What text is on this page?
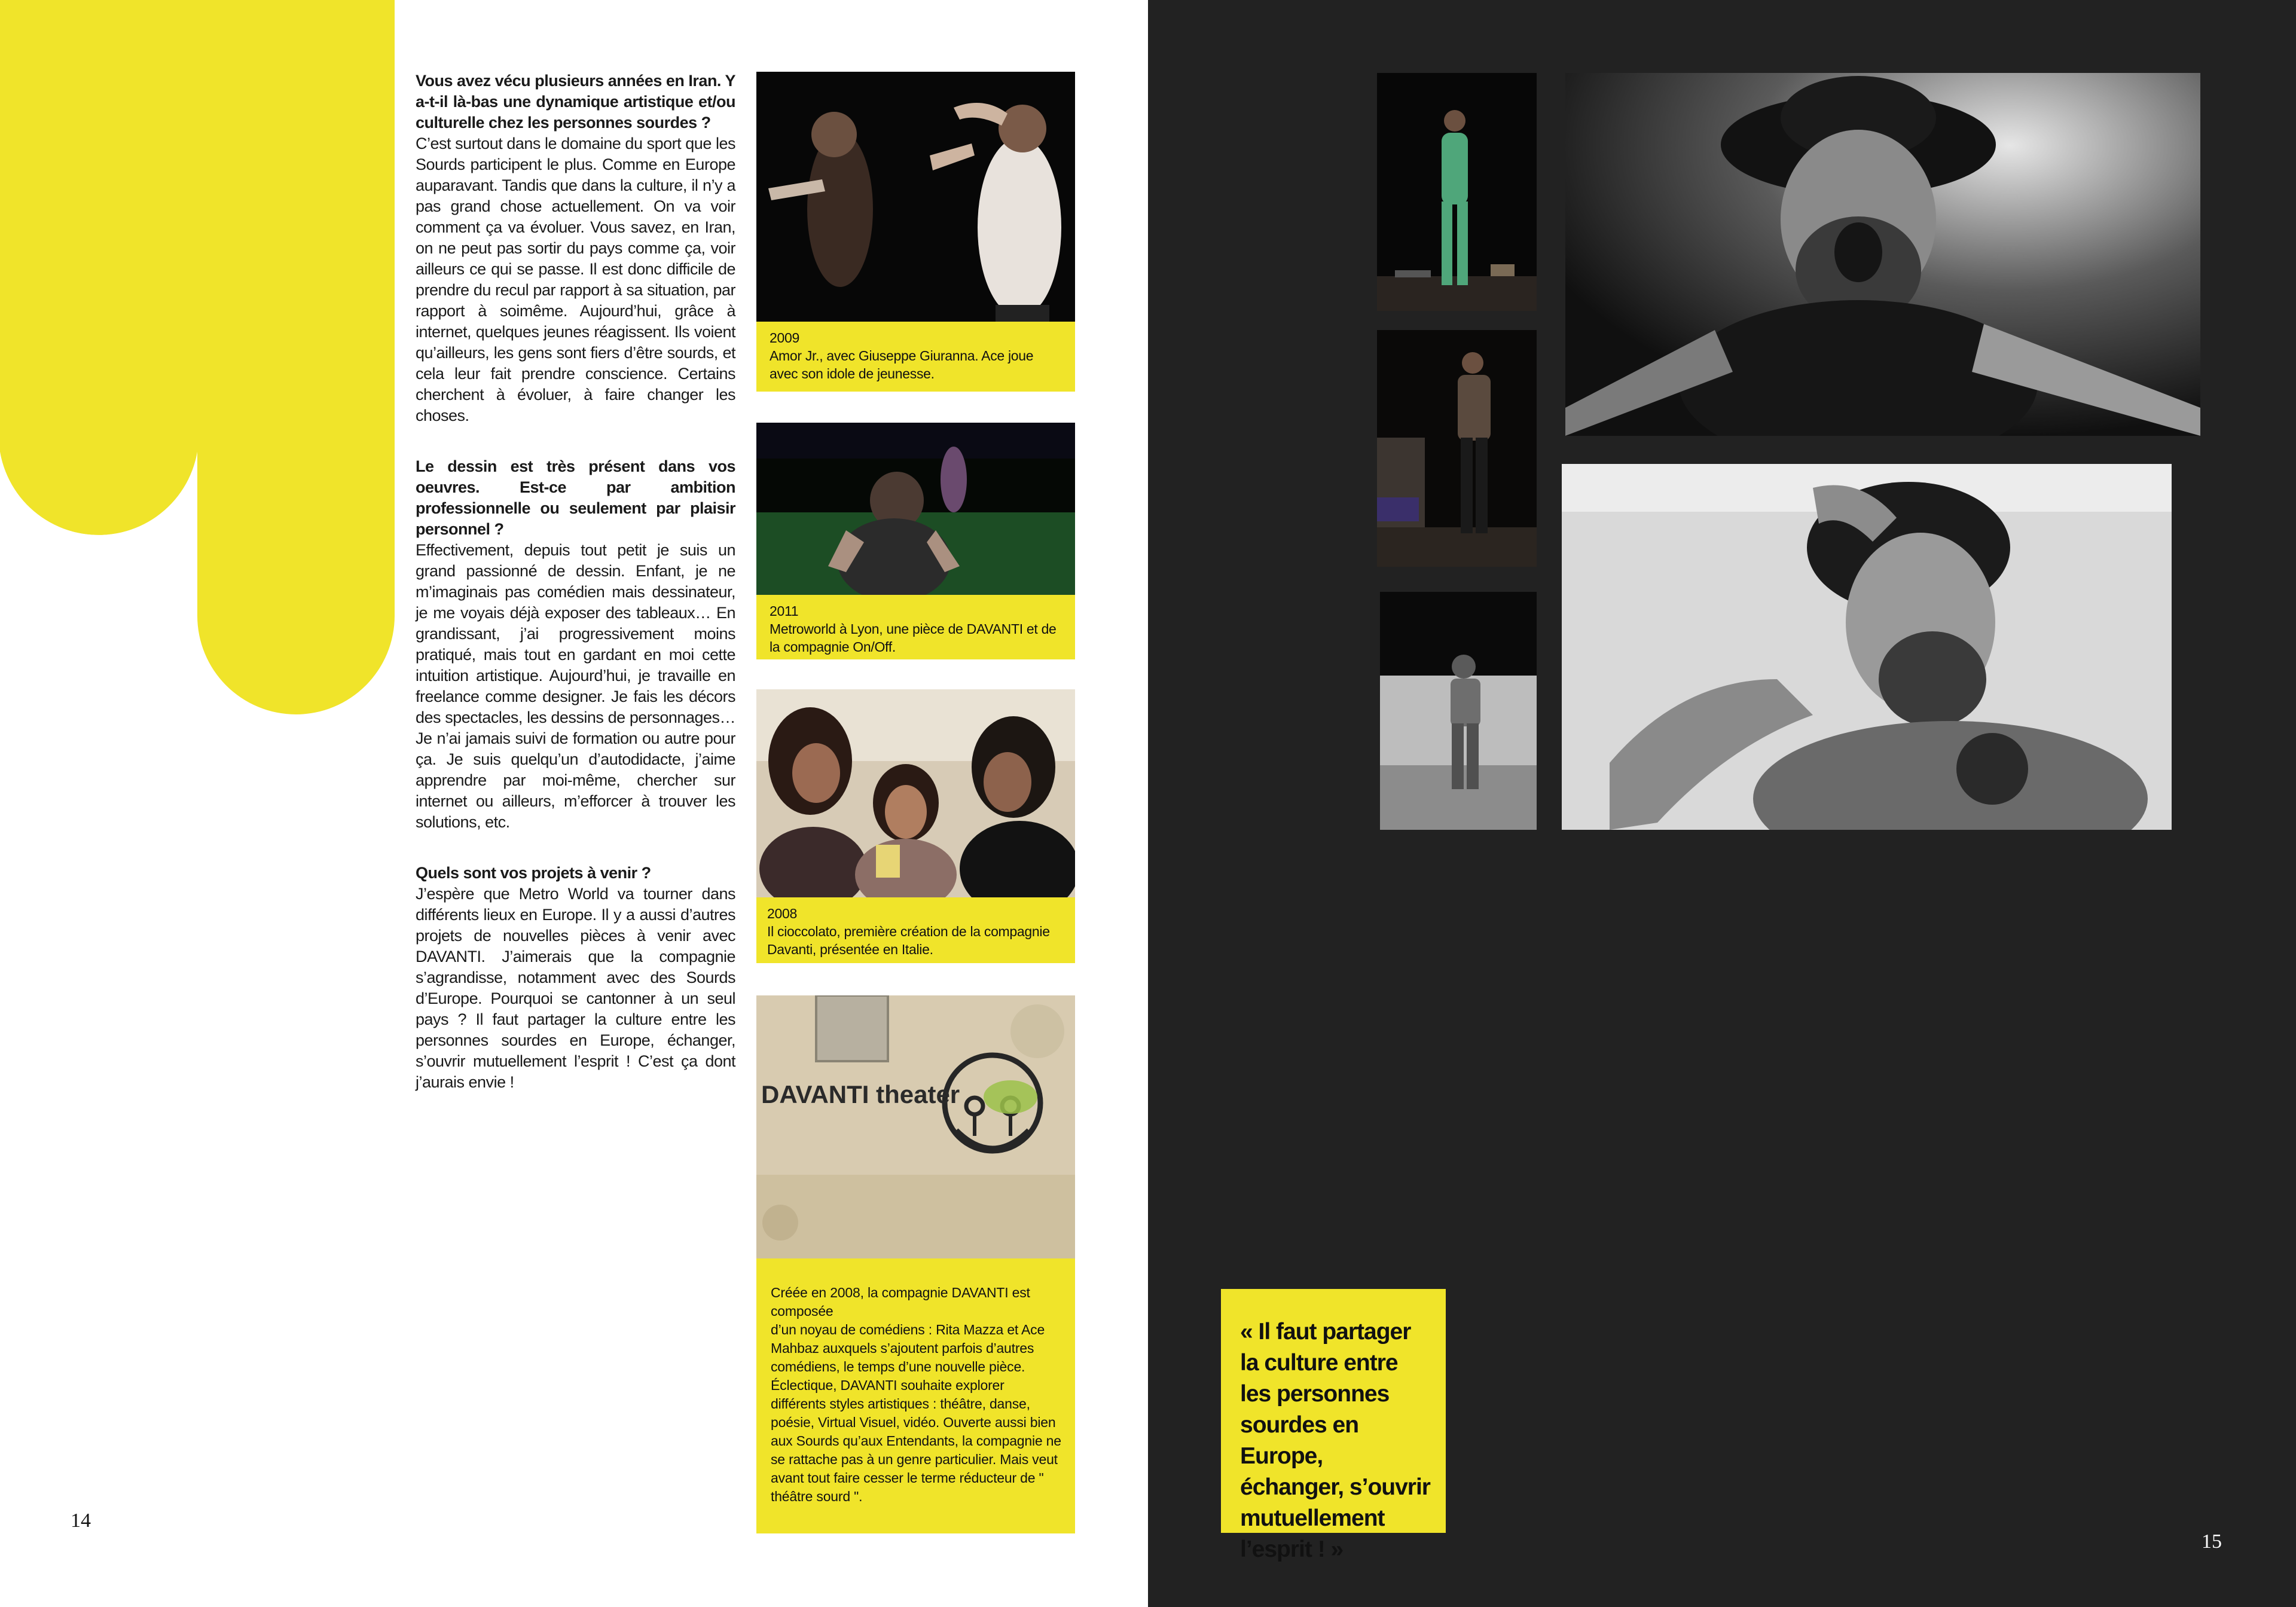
Vous avez vécu plusieurs années en Iran. Y a-t-il là-bas une dynamique artistique et/ou culturelle chez les personnes sourdes ?

C’est surtout dans le domaine du sport que les Sourds participent le plus. Comme en Europe auparavant. Tandis que dans la culture, il n’y a pas grand chose actuellement. On va voir comment ça va évoluer. Vous savez, en Iran, on ne peut pas sortir du pays comme ça, voir ailleurs ce qui se passe. Il est donc difficile de prendre du recul par rapport à sa situation, par rapport à soimême. Aujourd’hui, grâce à internet, quelques jeunes réagissent. Ils voient qu’ailleurs, les gens sont fiers d’être sourds, et cela leur fait prendre conscience. Certains cherchent à évoluer, à faire changer les choses.

Le dessin est très présent dans vos oeuvres. Est-ce par ambition professionnelle ou seulement par plaisir personnel ?

Effectivement, depuis tout petit je suis un grand passionné de dessin. Enfant, je ne m’imaginais pas comédien mais dessinateur, je me voyais déjà exposer des tableaux… En grandissant, j’ai progressivement moins pratiqué, mais tout en gardant en moi cette intuition artistique. Aujourd’hui, je travaille en freelance comme designer. Je fais les décors des spectacles, les dessins de personnages… Je n’ai jamais suivi de formation ou autre pour ça. Je suis quelqu’un d’autodidacte, j’aime apprendre par moi-même, chercher sur internet ou ailleurs, m’efforcer à trouver les solutions, etc.

Quels sont vos projets à venir ?

J’espère que Metro World va tourner dans différents lieux en Europe. Il y a aussi d’autres projets de nouvelles pièces à venir avec DAVANTI. J’aimerais que la compagnie s’agrandisse, notamment avec des Sourds d’Europe. Pourquoi se cantonner à un seul pays ? Il faut partager la culture entre les personnes sourdes en Europe, échanger, s’ouvrir mutuellement l’esprit ! C’est ça dont j’aurais envie !

2009
Amor Jr., avec Giuseppe Giuranna. Ace joue avec son idole de jeunesse.
2011
Metroworld à Lyon, une pièce de DAVANTI et de la compagnie On/Off.
2008
Il cioccolato, première création de la compagnie Davanti, présentée en Italie.
DAVANTI theater

Créée en 2008, la compagnie DAVANTI est composée

d’un noyau de comédiens : Rita Mazza et Ace Mahbaz auxquels s’ajoutent parfois d’autres comédiens, le temps d’une nouvelle pièce. Éclectique, DAVANTI souhaite explorer différents styles artistiques : théâtre, danse, poésie, Virtual Visuel, vidéo. Ouverte aussi bien aux Sourds qu’aux Entendants, la compagnie ne se rattache pas à un genre particulier. Mais veut avant tout faire cesser le terme réducteur de " théâtre sourd ".

14
« Il faut partager la culture entre les personnes sourdes en Europe, échanger, s’ouvrir mutuellement l’esprit ! »	15
